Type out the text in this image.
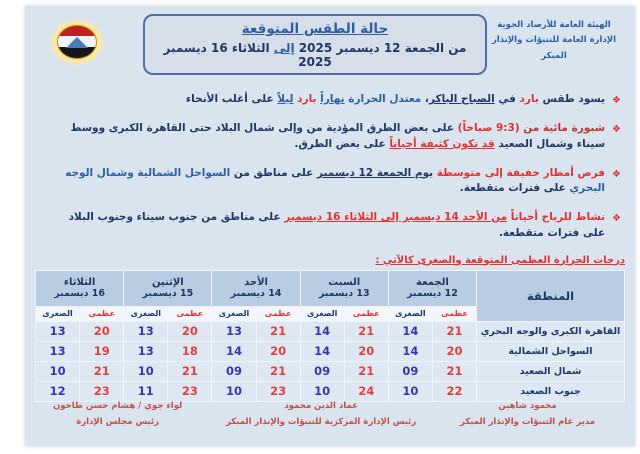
الهيئة العامة للأرصاد الجوية
الإدارة العامة للتنبؤات والإنذار المبكر
حالة الطقس المتوقعة
من الجمعة 12 ديسمبر 2025 إلى الثلاثاء 16 ديسمبر 2025
❖
يسود طقس بارد في الصباح الباكر، معتدل الحرارة نهاراً بارد ليلاً على أغلب الأنحاء
❖
شبورة مائية من (9:3 صباحاً) على بعض الطرق المؤدية من وإلى شمال البلاد حتى القاهرة الكبرى ووسط سيناء وشمال الصعيد قد تكون كثيفة أحياناً على بعض الطرق.
❖
فرص أمطار خفيفة إلى متوسطة يوم الجمعة 12 ديسمبر على مناطق من السواحل الشمالية وشمال الوجه البحري على فترات متقطعة.
❖
نشاط للرياح أحياناً من الأحد 14 ديسمبر إلى الثلاثاء 16 ديسمبر على مناطق من جنوب سيناء وجنوب البلاد على فترات متقطعة.
درجات الحرارة العظمى المتوقعة والصغرى كالآتي :
المنطقة	
الجمعة
12 ديسمبر

السبت
13 ديسمبر

الأحد
14 ديسمبر

الإثنين
15 ديسمبر

الثلاثاء
16 ديسمبر

	عظمى	الصغرى	عظمى	الصغرى	عظمى	الصغرى	عظمى	الصغرى	عظمى	الصغرى
القاهرة الكبرى والوجه البحري	21	14	21	14	21	13	20	13	20	13
السواحل الشمالية	20	14	20	14	20	14	18	13	19	13
شمال الصعيد	21	09	21	09	21	09	21	10	21	10
جنوب الصعيد	22	10	24	10	23	10	23	11	23	12
محمود شاهين
مدير عام التنبؤات والإنذار المبكر
عماد الدين محمود
رئيس الإدارة المركزية للتنبؤات والإنذار المبكر
لواء جوي / هشام حسن طاحون
رئيس مجلس الإدارة
